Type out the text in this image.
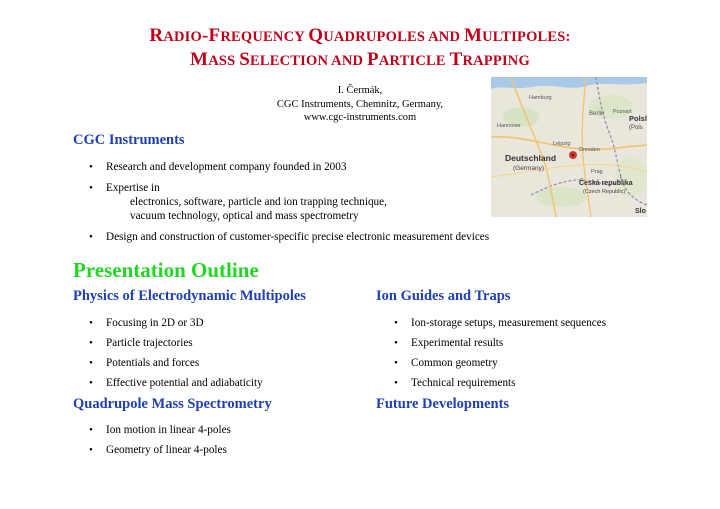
RADIO-FREQUENCY QUADRUPOLES AND MULTIPOLES:
MASS SELECTION AND PARTICLE TRAPPING
I. Čermák,
CGC Instruments, Chemnitz, Germany,
www.cgc-instruments.com
Deutschland
(Germany)
Česká republika
(Czech Republic)
Berlin	Polsl
(Pols
Slo
Hamburg
Hannover
Leipzig
Dresden
Prag
Poznań
CGC Instruments
• Research and development company founded in 2003
• Expertise in
electronics, software, particle and ion trapping technique,
vacuum technology, optical and mass spectrometry
• Design and construction of customer-specific precise electronic measurement devices
Presentation Outline
Physics of Electrodynamic Multipoles
• Focusing in 2D or 3D
• Particle trajectories
• Potentials and forces
• Effective potential and adiabaticity
Ion Guides and Traps
• Ion-storage setups, measurement sequences
• Experimental results
• Common geometry
• Technical requirements
Quadrupole Mass Spectrometry
• Ion motion in linear 4-poles
• Geometry of linear 4-poles
Future Developments
